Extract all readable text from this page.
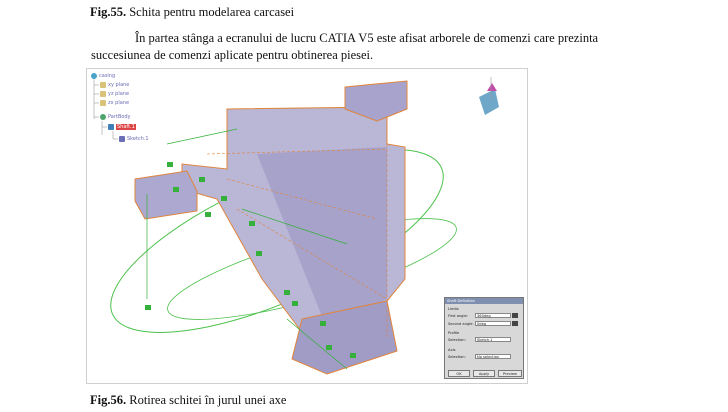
Fig.55. Schita pentru modelarea carcasei
În partea stânga a ecranului de lucru CATIA V5 este afisat arborele de comenzi care prezinta
succesiunea de comenzi aplicate pentru obtinerea piesei.
casing
xy plane
yz plane
zx plane
PartBody
Shaft.1
Sketch.1
Shaft Definition
Limits
First angle:	360deg
Second angle: 0deg
Profile
Selection:	Sketch.1
Axis
Selection:	No selection
OK	Apply	Preview
Fig.56. Rotirea schitei în jurul unei axe
